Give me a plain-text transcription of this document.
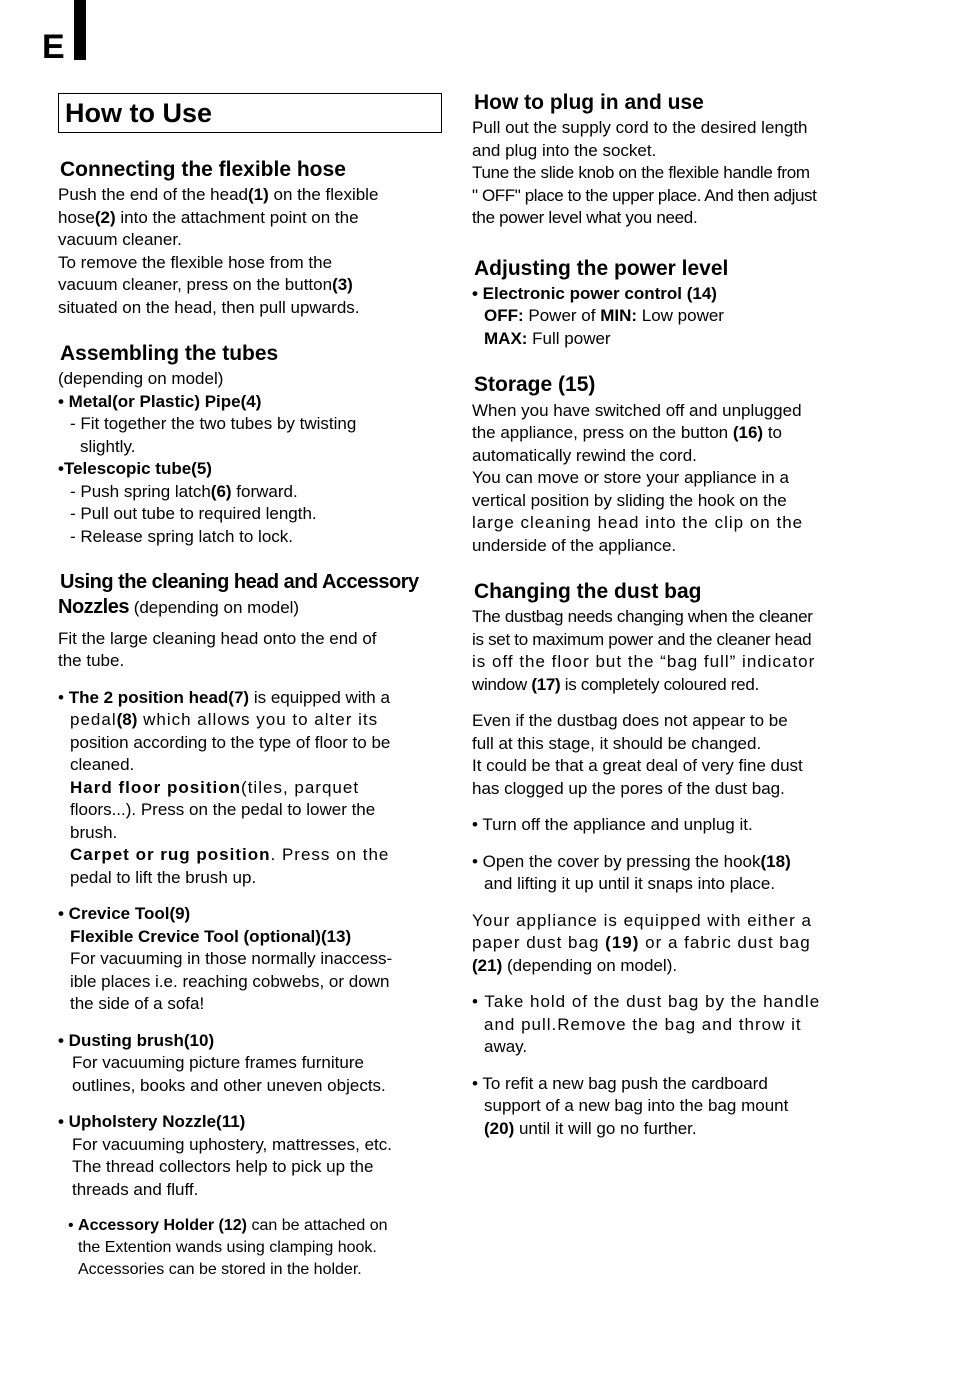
E
How to Use
Connecting the flexible hose

Push the end of the head(1) on the flexible

hose(2) into the attachment point on the

vacuum cleaner.

To remove the flexible hose from the

vacuum cleaner, press on the button(3)

situated on the head, then pull upwards.

Assembling the tubes

(depending on model)

• Metal(or Plastic) Pipe(4)

- Fit together the two tubes by twisting

slightly.

•Telescopic tube(5)

- Push spring latch(6) forward.

- Pull out tube to required length.

- Release spring latch to lock.

Using the cleaning head and Accessory

Nozzles (depending on model)

Fit the large cleaning head onto the end of

the tube.

• The 2 position head(7) is equipped with a

pedal(8) which allows you to alter its

position according to the type of floor to be

cleaned.

Hard floor position(tiles, parquet

floors...). Press on the pedal to lower the

brush.

Carpet or rug position. Press on the

pedal to lift the brush up.

• Crevice Tool(9)

Flexible Crevice Tool (optional)(13)

For vacuuming in those normally inaccess-

ible places i.e. reaching cobwebs, or down

the side of a sofa!

• Dusting brush(10)

For vacuuming picture frames furniture

outlines, books and other uneven objects.

• Upholstery Nozzle(11)

For vacuuming uphostery, mattresses, etc.

The thread collectors help to pick up the

threads and fluff.

• Accessory Holder (12) can be attached on

the Extention wands using clamping hook.

Accessories can be stored in the holder.

How to plug in and use

Pull out the supply cord to the desired length

and plug into the socket.

Tune the slide knob on the flexible handle from

" OFF" place to the upper place. And then adjust

the power level what you need.

Adjusting the power level

• Electronic power control (14)

OFF: Power of MIN: Low power

MAX: Full power

Storage (15)

When you have switched off and unplugged

the appliance, press on the button (16) to

automatically rewind the cord.

You can move or store your appliance in a

vertical position by sliding the hook on the

large cleaning head into the clip on the

underside of the appliance.

Changing the dust bag

The dustbag needs changing when the cleaner

is set to maximum power and the cleaner head

is off the floor but the “bag full” indicator

window (17) is completely coloured red.

Even if the dustbag does not appear to be

full at this stage, it should be changed.

It could be that a great deal of very fine dust

has clogged up the pores of the dust bag.

• Turn off the appliance and unplug it.

• Open the cover by pressing the hook(18)

and lifting it up until it snaps into place.

Your appliance is equipped with either a

paper dust bag (19) or a fabric dust bag

(21) (depending on model).

• Take hold of the dust bag by the handle

and pull.Remove the bag and throw it

away.

• To refit a new bag push the cardboard

support of a new bag into the bag mount

(20) until it will go no further.
